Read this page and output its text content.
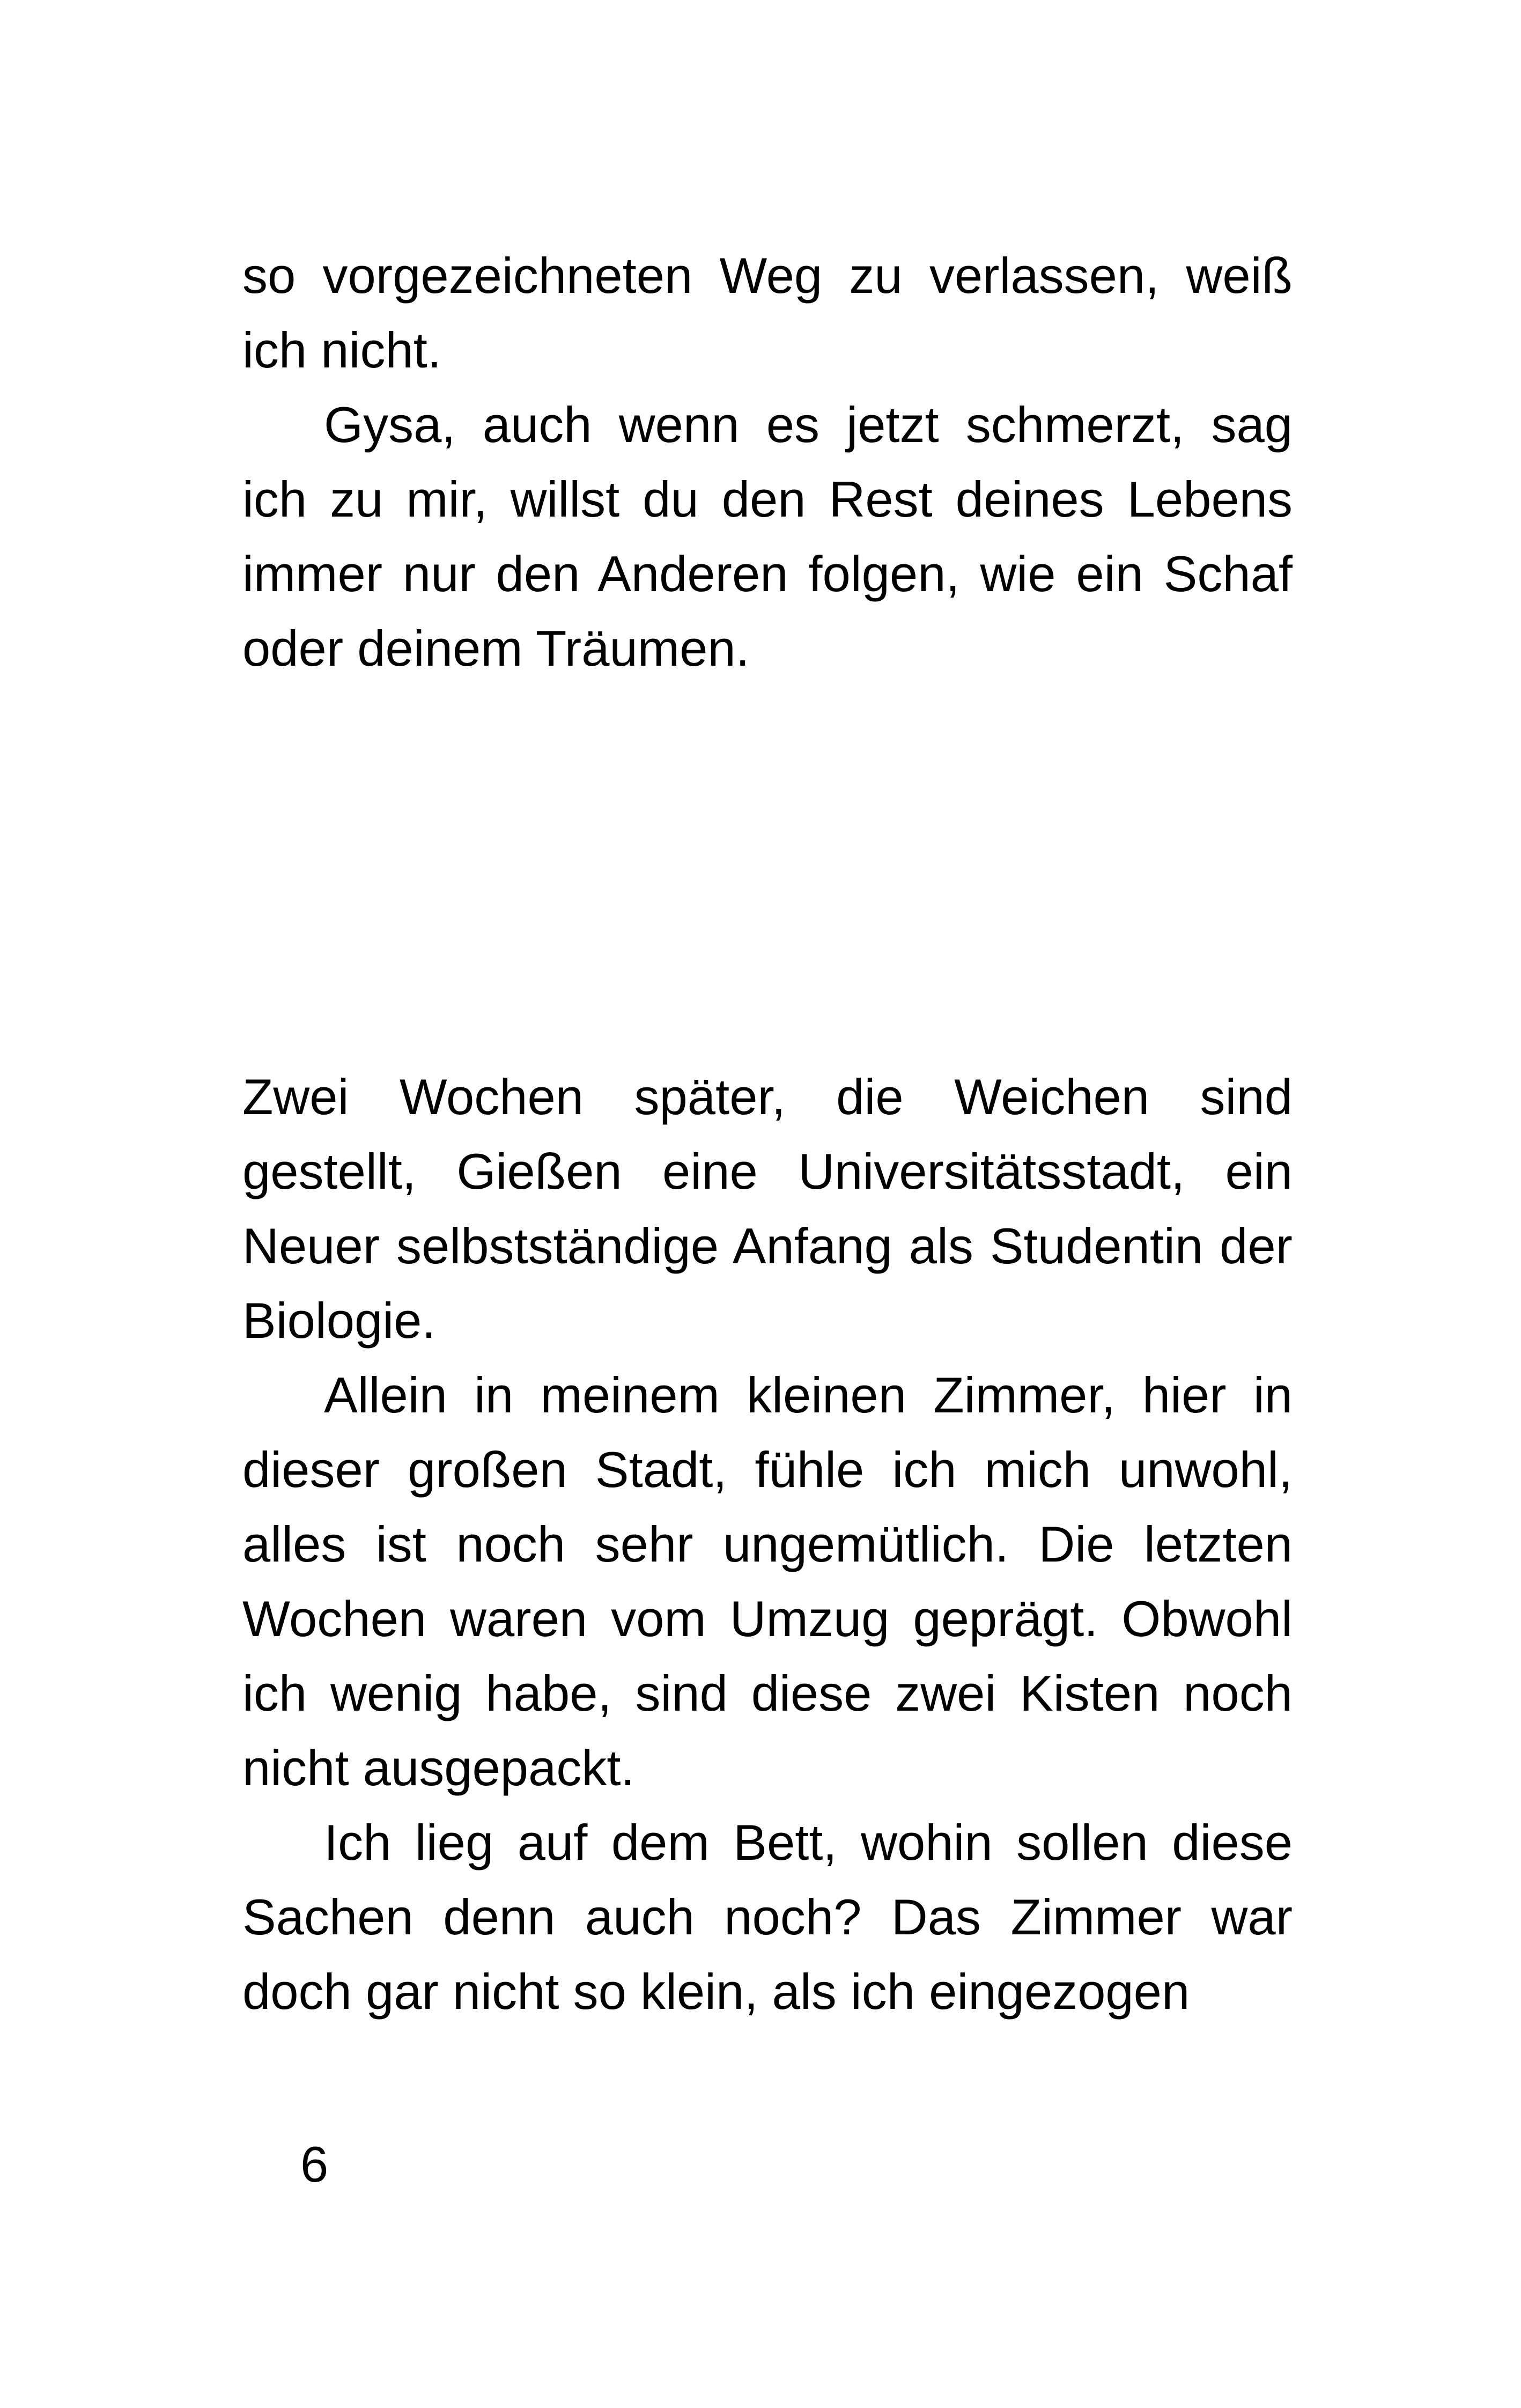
so vorgezeichneten Weg zu verlassen, weiß ich nicht.

Gysa, auch wenn es jetzt schmerzt, sag ich zu mir, willst du den Rest deines Lebens immer nur den Anderen folgen, wie ein Schaf oder deinem Träumen.

Zwei Wochen später, die Weichen sind gestellt, Gießen eine Universitätsstadt, ein Neuer selbstständige Anfang als Studentin der Biologie.

Allein in meinem kleinen Zimmer, hier in dieser großen Stadt, fühle ich mich unwohl, alles ist noch sehr ungemütlich. Die letzten Wochen waren vom Umzug geprägt. Obwohl ich wenig habe, sind diese zwei Kisten noch nicht ausgepackt.

Ich lieg auf dem Bett, wohin sollen diese Sachen denn auch noch? Das Zimmer war doch gar nicht so klein, als ich eingezogen

6
